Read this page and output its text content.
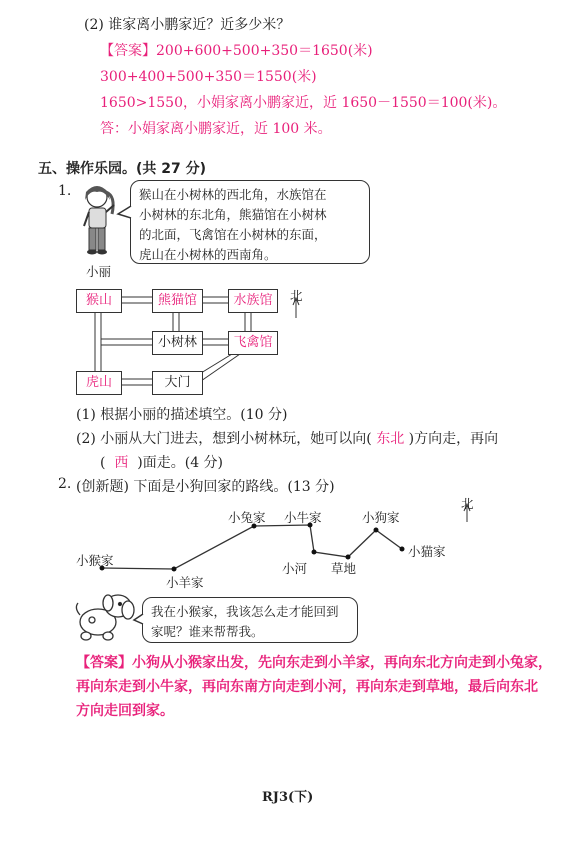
(2) 谁家离小鹏家近？近多少米？
【答案】200+600+500+350＝1650(米)
300+400+500+350＝1550(米)
1650>1550，小娟家离小鹏家近，近 1650－1550＝100(米)。
答：小娟家离小鹏家近，近 100 米。
五、操作乐园。(共 27 分)
1.
小丽
猴山在小树林的西北角，水族馆在
小树林的东北角，熊猫馆在小树林
的北面，飞禽馆在小树林的东面，
虎山在小树林的西南角。
北
猴山	熊猫馆	水族馆
小树林	飞禽馆
虎山	大门
(1) 根据小丽的描述填空。(10 分)
(2) 小丽从大门进去，想到小树林玩，她可以向( 东北 )方向走，再向
( 西 )面走。(4 分)
2. (创新题) 下面是小狗回家的路线。(13 分)
北
小猴家
小羊家
小兔家 小牛家
小河 草地
小狗家
小猫家
我在小猴家，我该怎么走才能回到
家呢？谁来帮帮我。
【答案】小狗从小猴家出发，先向东走到小羊家，再向东北方向走到小兔家，
再向东走到小牛家，再向东南方向走到小河，再向东走到草地，最后向东北
方向走回到家。
RJ3(下)
